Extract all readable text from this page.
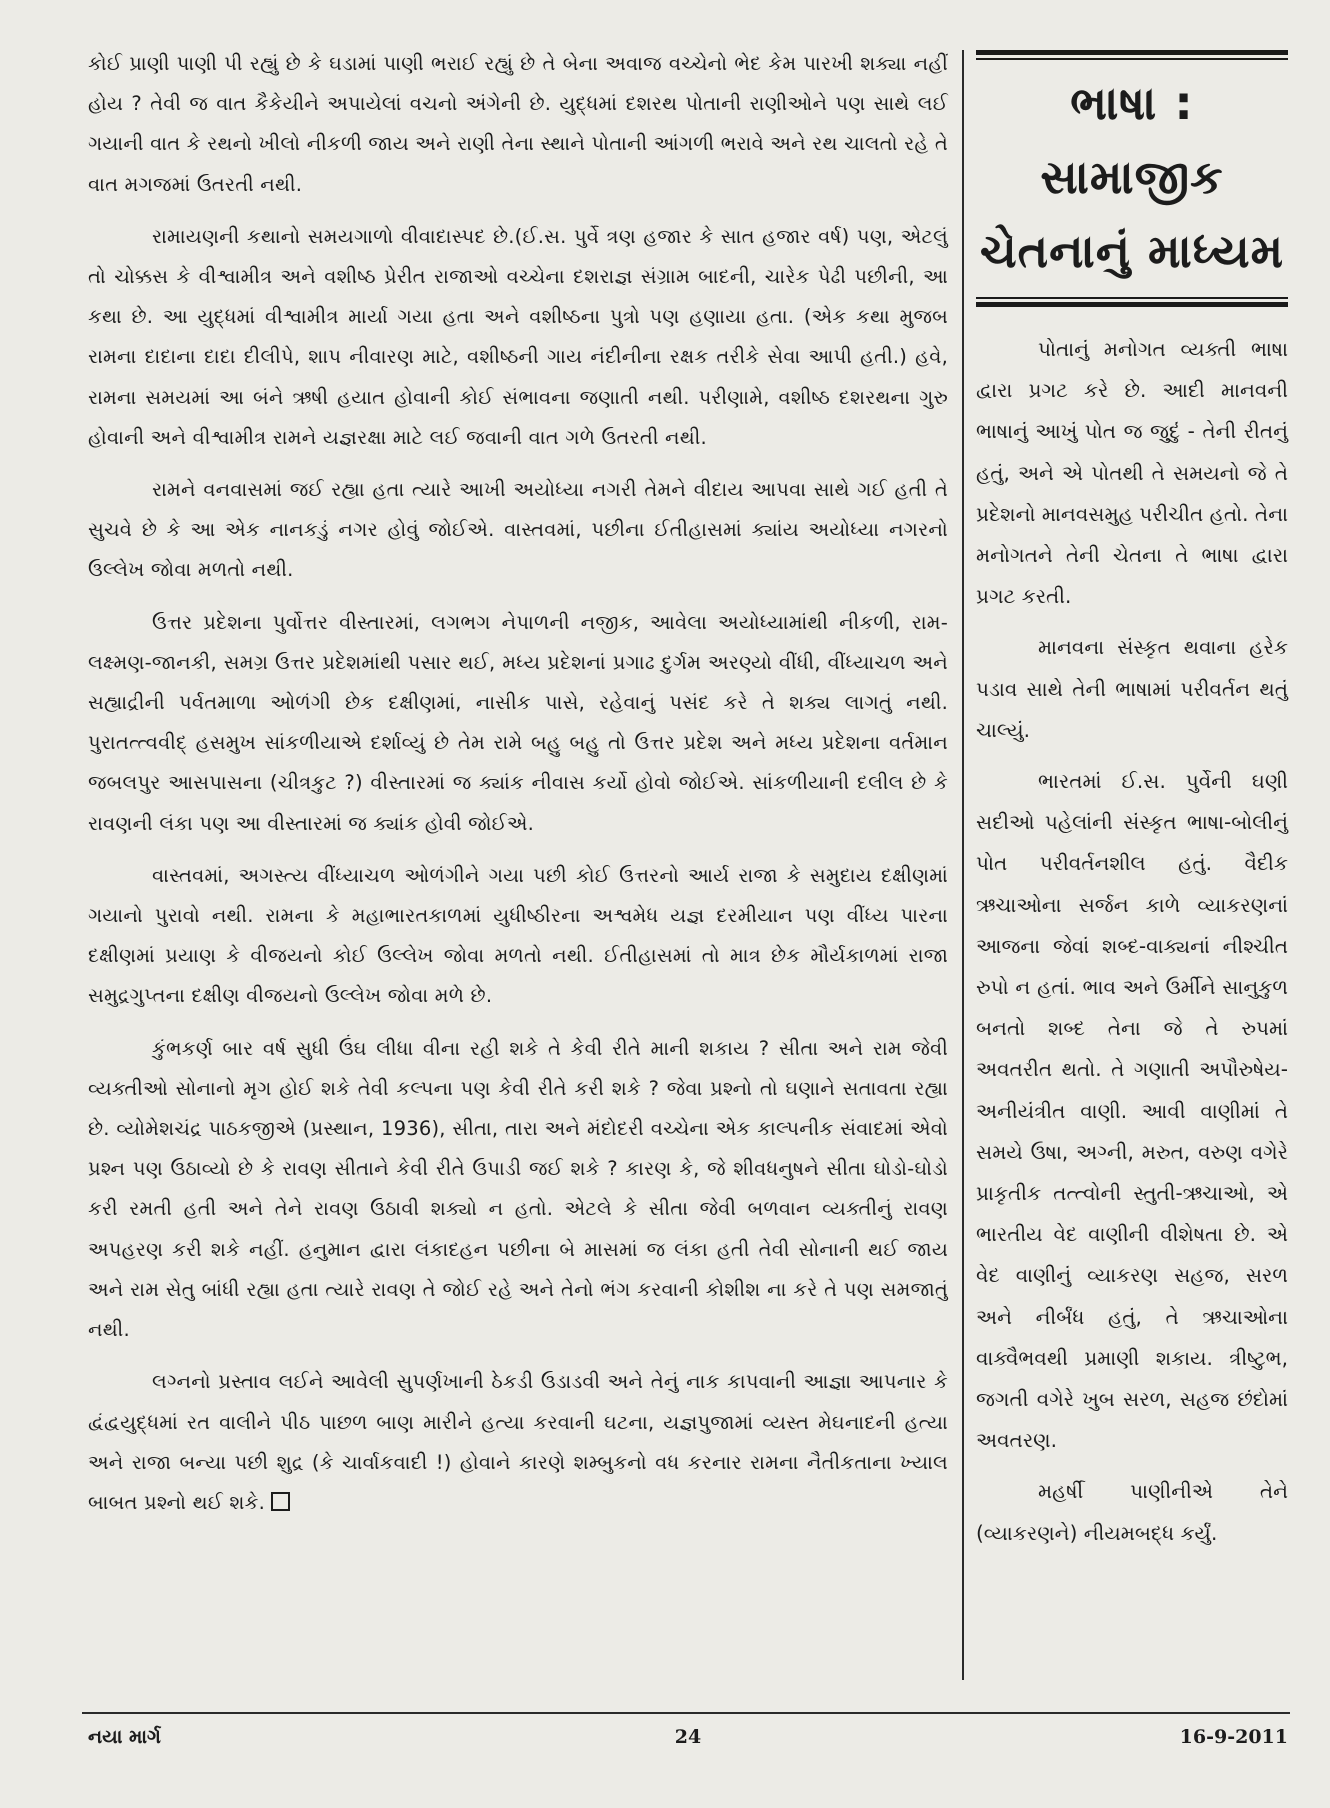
કોઈ પ્રાણી પાણી પી રહ્યું છે કે ઘડામાં પાણી ભરાઈ રહ્યું છે તે બેના અવાજ વચ્ચેનો ભેદ કેમ પારખી શક્યા નહીં હોય ? તેવી જ વાત કૈકેયીને અપાયેલાં વચનો અંગેની છે. યુદ્ધમાં દશરથ પોતાની રાણીઓને પણ સાથે લઈ ગયાની વાત કે રથનો ખીલો નીકળી જાય અને રાણી તેના સ્થાને પોતાની આંગળી ભરાવે અને રથ ચાલતો રહે તે વાત મગજમાં ઉતરતી નથી.

રામાયણની કથાનો સમયગાળો વીવાદાસ્પદ છે.(ઈ.સ. પુર્વે ત્રણ હજાર કે સાત હજાર વર્ષ) પણ, એટલું તો ચોક્કસ કે વીશ્વામીત્ર અને વશીષ્ઠ પ્રેરીત રાજાઓ વચ્ચેના દશરાજ્ઞ સંગ્રામ બાદની, ચારેક પેઢી પછીની, આ કથા છે. આ યુદ્ધમાં વીશ્વામીત્ર માર્યા ગયા હતા અને વશીષ્ઠના પુત્રો પણ હણાયા હતા. (એક કથા મુજબ રામના દાદાના દાદા દીલીપે, શાપ નીવારણ માટે, વશીષ્ઠની ગાય નંદીનીના રક્ષક તરીકે સેવા આપી હતી.) હવે, રામના સમયમાં આ બંને ઋષી હયાત હોવાની કોઈ સંભાવના જણાતી નથી. પરીણામે, વશીષ્ઠ દશરથના ગુરુ હોવાની અને વીશ્વામીત્ર રામને યજ્ઞરક્ષા માટે લઈ જવાની વાત ગળે ઉતરતી નથી.

રામને વનવાસમાં જઈ રહ્યા હતા ત્યારે આખી અયોધ્યા નગરી તેમને વીદાય આપવા સાથે ગઈ હતી તે સુચવે છે કે આ એક નાનકડું નગર હોવું જોઈએ. વાસ્તવમાં, પછીના ઈતીહાસમાં ક્યાંય અયોધ્યા નગરનો ઉલ્લેખ જોવા મળતો નથી.

ઉત્તર પ્રદેશના પુર્વોત્તર વીસ્તારમાં, લગભગ નેપાળની નજીક, આવેલા અયોધ્યામાંથી નીકળી, રામ-લક્ષ્મણ-જાનકી, સમગ્ર ઉત્તર પ્રદેશમાંથી પસાર થઈ, મધ્ય પ્રદેશનાં પ્રગાઢ દુર્ગમ અરણ્યો વીંધી, વીંધ્યાચળ અને સહ્યાદ્રીની પર્વતમાળા ઓળંગી છેક દક્ષીણમાં, નાસીક પાસે, રહેવાનું પસંદ કરે તે શક્ય લાગતું નથી. પુરાતત્ત્વવીદ્ હસમુખ સાંકળીયાએ દર્શાવ્યું છે તેમ રામે બહુ બહુ તો ઉત્તર પ્રદેશ અને મધ્ય પ્રદેશના વર્તમાન જબલપુર આસપાસના (ચીત્રકુટ ?) વીસ્તારમાં જ ક્યાંક નીવાસ કર્યો હોવો જોઈએ. સાંકળીયાની દલીલ છે કે રાવણની લંકા પણ આ વીસ્તારમાં જ ક્યાંક હોવી જોઈએ.

વાસ્તવમાં, અગસ્ત્ય વીંધ્યાચળ ઓળંગીને ગયા પછી કોઈ ઉત્તરનો આર્ય રાજા કે સમુદાય દક્ષીણમાં ગયાનો પુરાવો નથી. રામના કે મહાભારતકાળમાં યુધીષ્ઠીરના અશ્વમેધ યજ્ઞ દરમીયાન પણ વીંધ્ય પારના દક્ષીણમાં પ્રયાણ કે વીજયનો કોઈ ઉલ્લેખ જોવા મળતો નથી. ઈતીહાસમાં તો માત્ર છેક મૌર્યકાળમાં રાજા સમુદ્રગુપ્તના દક્ષીણ વીજયનો ઉલ્લેખ જોવા મળે છે.

કુંભકર્ણ બાર વર્ષ સુધી ઉંઘ લીધા વીના રહી શકે તે કેવી રીતે માની શકાય ? સીતા અને રામ જેવી વ્યક્તીઓ સોનાનો મૃગ હોઈ શકે તેવી કલ્પના પણ કેવી રીતે કરી શકે ? જેવા પ્રશ્નો તો ઘણાને સતાવતા રહ્યા છે. વ્યોમેશચંદ્ર પાઠકજીએ (પ્રસ્થાન, 1936), સીતા, તારા અને મંદોદરી વચ્ચેના એક કાલ્પનીક સંવાદમાં એવો પ્રશ્ન પણ ઉઠાવ્યો છે કે રાવણ સીતાને કેવી રીતે ઉપાડી જઈ શકે ? કારણ કે, જે શીવધનુષને સીતા ઘોડો-ઘોડો કરી રમતી હતી અને તેને રાવણ ઉઠાવી શક્યો ન હતો. એટલે કે સીતા જેવી બળવાન વ્યક્તીનું રાવણ અપહરણ કરી શકે નહીં. હનુમાન દ્વારા લંકાદહન પછીના બે માસમાં જ લંકા હતી તેવી સોનાની થઈ જાય અને રામ સેતુ બાંધી રહ્યા હતા ત્યારે રાવણ તે જોઈ રહે અને તેનો ભંગ કરવાની કોશીશ ના કરે તે પણ સમજાતું નથી.

લગ્નનો પ્રસ્તાવ લઈને આવેલી સુપર્ણખાની ઠેકડી ઉડાડવી અને તેનું નાક કાપવાની આજ્ઞા આપનાર કે દ્વંદ્વયુદ્ધમાં રત વાલીને પીઠ પાછળ બાણ મારીને હત્યા કરવાની ઘટના, યજ્ઞપુજામાં વ્યસ્ત મેઘનાદની હત્યા અને રાજા બન્યા પછી શુદ્ર (કે ચાર્વાકવાદી !) હોવાને કારણે શમ્બુકનો વધ કરનાર રામના નૈતીકતાના ખ્યાલ બાબત પ્રશ્નો થઈ શકે.

ભાષા : સામાજીક
ચેતનાનું માધ્યમ

પોતાનું મનોગત વ્યક્તી ભાષા દ્વારા પ્રગટ કરે છે. આદી માનવની ભાષાનું આખું પોત જ જુદું - તેની રીતનું હતું, અને એ પોતથી તે સમયનો જે તે પ્રદેશનો માનવસમુહ પરીચીત હતો. તેના મનોગતને તેની ચેતના તે ભાષા દ્વારા પ્રગટ કરતી.

માનવના સંસ્કૃત થવાના હરેક પડાવ સાથે તેની ભાષામાં પરીવર્તન થતું ચાલ્યું.

ભારતમાં ઈ.સ. પુર્વેની ઘણી સદીઓ પહેલાંની સંસ્કૃત ભાષા-બોલીનું પોત પરીવર્તનશીલ હતું. વૈદીક ઋચાઓના સર્જન કાળે વ્યાકરણનાં આજના જેવાં શબ્દ-વાક્યનાં નીશ્ચીત રુપો ન હતાં. ભાવ અને ઉર્મીને સાનુકુળ બનતો શબ્દ તેના જે તે રુપમાં અવતરીત થતો. તે ગણાતી અપૌરુષેય-અનીયંત્રીત વાણી. આવી વાણીમાં તે સમયે ઉષા, અગ્ની, મરુત, વરુણ વગેરે પ્રાકૃતીક તત્ત્વોની સ્તુતી-ઋચાઓ, એ ભારતીય વેદ વાણીની વીશેષતા છે. એ વેદ વાણીનું વ્યાકરણ સહજ, સરળ અને નીર્બંધ હતું, તે ઋચાઓના વાક્વૈભવથી પ્રમાણી શકાય. ત્રીષ્ટુભ, જગતી વગેરે ખુબ સરળ, સહજ છંદોમાં અવતરણ.

મહર્ષી પાણીનીએ તેને (વ્યાકરણને) નીયમબદ્ધ કર્યું.

નયા માર્ગ	24	16-9-2011
